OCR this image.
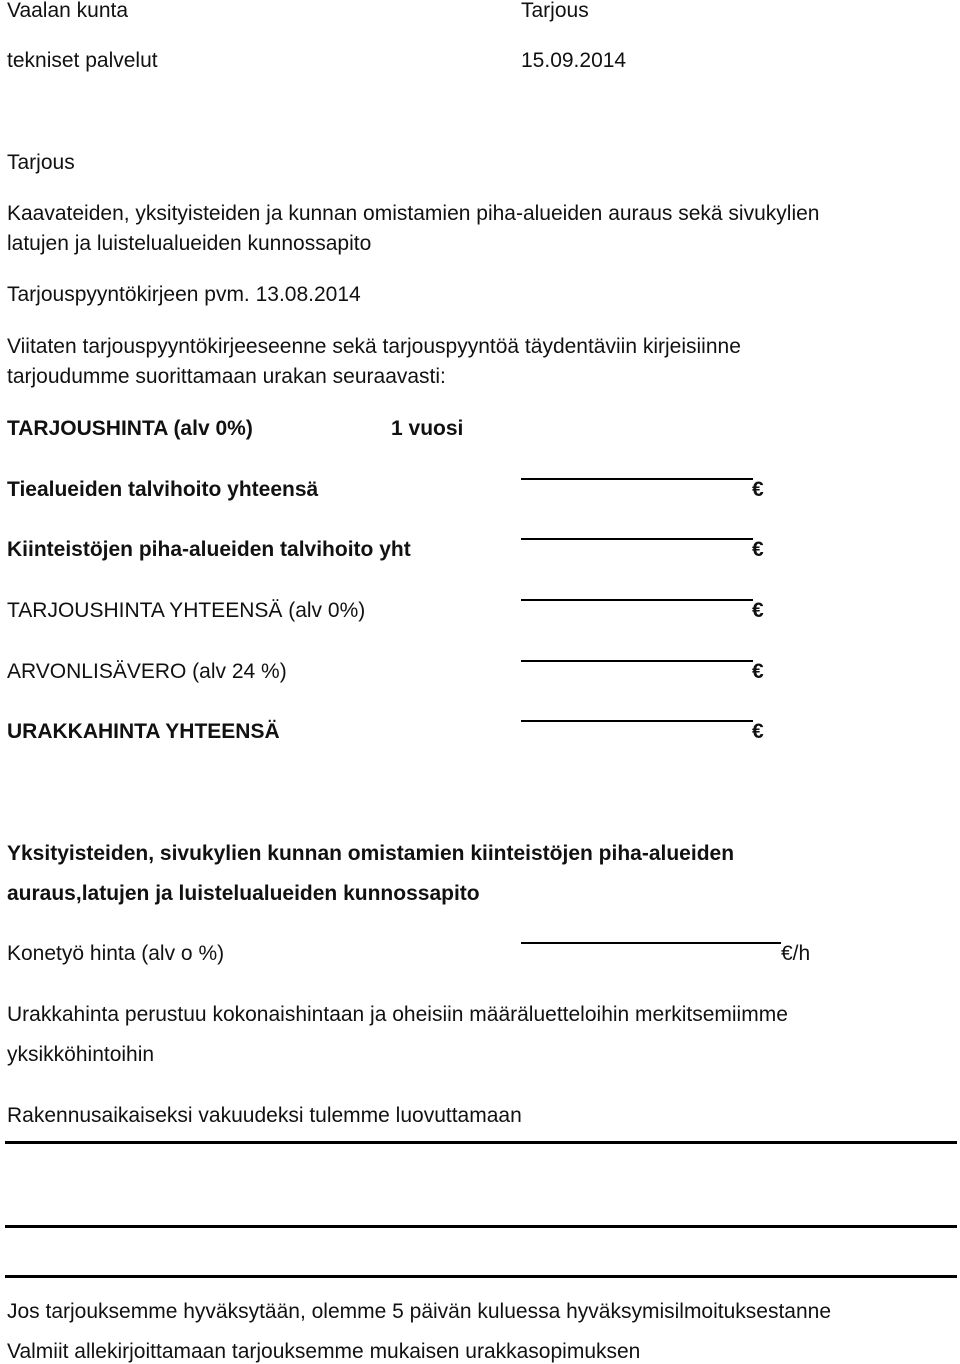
Vaalan kunta
tekniset palvelut
Tarjous
15.09.2014
Tarjous
Kaavateiden, yksityisteiden ja kunnan omistamien piha-alueiden auraus sekä sivukylien
latujen ja luistelualueiden kunnossapito
Tarjouspyyntökirjeen pvm. 13.08.2014
Viitaten tarjouspyyntökirjeeseenne sekä tarjouspyyntöä täydentäviin kirjeisiinne
tarjoudumme suorittamaan urakan seuraavasti:
TARJOUSHINTA (alv 0%)	1 vuosi
Tiealueiden talvihoito yhteensä	€
Kiinteistöjen piha-alueiden talvihoito yht	€
TARJOUSHINTA YHTEENSÄ (alv 0%)	€
ARVONLISÄVERO (alv 24 %)	€
URAKKAHINTA YHTEENSÄ	€
Yksityisteiden, sivukylien kunnan omistamien kiinteistöjen piha-alueiden
auraus,latujen ja luistelualueiden kunnossapito
Konetyö hinta (alv o %)	€/h
Urakkahinta perustuu kokonaishintaan ja oheisiin määräluetteloihin merkitsemiimme
yksikköhintoihin
Rakennusaikaiseksi vakuudeksi tulemme luovuttamaan
Jos tarjouksemme hyväksytään, olemme 5 päivän kuluessa hyväksymisilmoituksestanne
Valmiit allekirjoittamaan tarjouksemme mukaisen urakkasopimuksen
